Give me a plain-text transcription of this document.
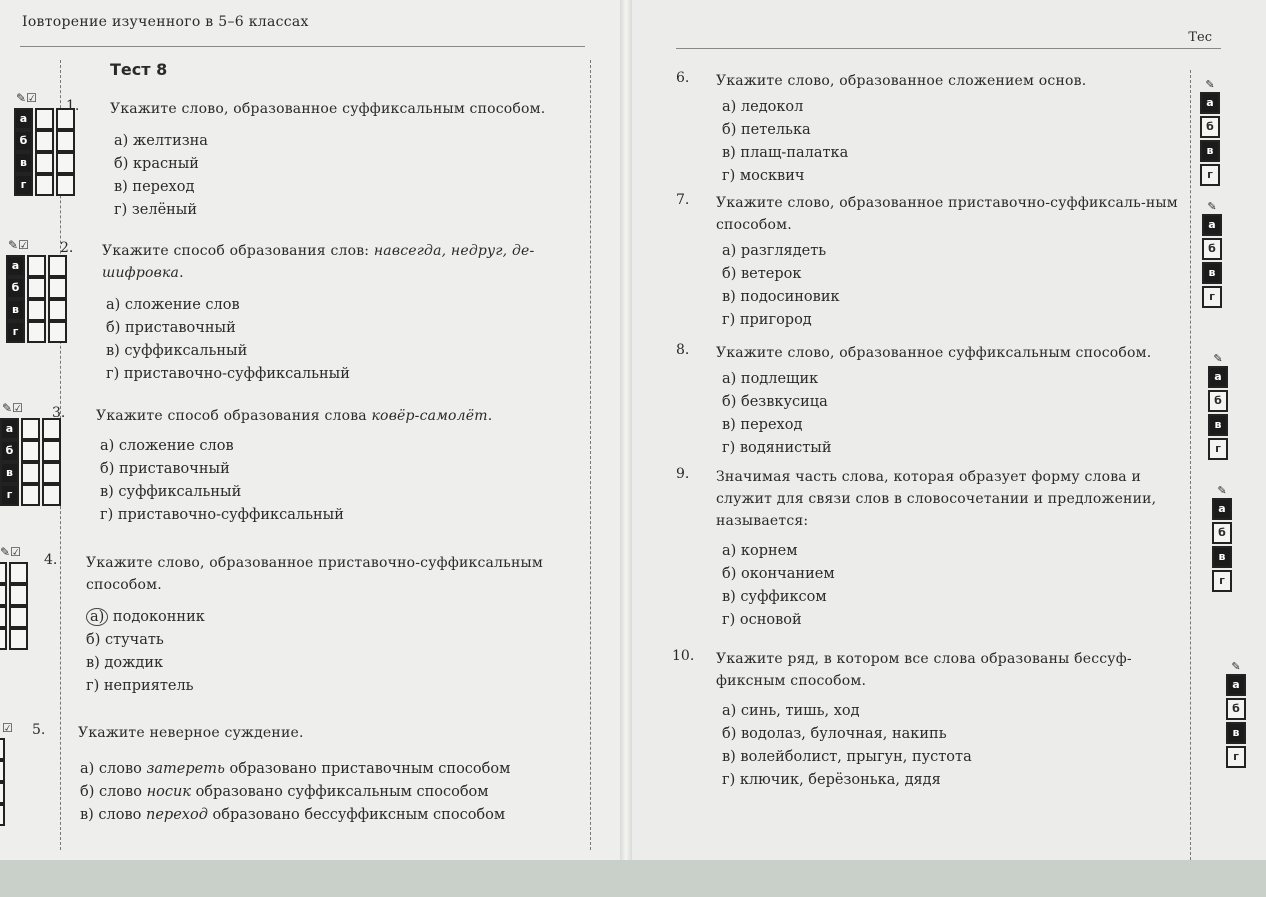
Ιовторение изученного в 5–6 классах
Тес
Тест 8
✎☑
а
б
в
г
✎☑
а
б
в
г
✎☑
а
б
в
г
✎☑
☑
1. Укажите слово, образованное суффиксальным способом.
а) желтизна
б) красный
в) переход
г) зелёный
2. Укажите способ образования слов: навсегда, недруг, де-шифровка.
а) сложение слов
б) приставочный
в) суффиксальный
г) приставочно-суффиксальный
3. Укажите способ образования слова ковёр-самолёт.
а) сложение слов
б) приставочный
в) суффиксальный
г) приставочно-суффиксальный
4. Укажите слово, образованное приставочно-суффиксальным способом.
а) подоконник
б) стучать
в) дождик
г) неприятель
5. Укажите неверное суждение.
а) слово затереть образовано приставочным способом
б) слово носик образовано суффиксальным способом
в) слово переход образовано бессуффиксным способом
6. Укажите слово, образованное сложением основ.
а) ледокол
б) петелька
в) плащ-палатка
г) москвич
7. Укажите слово, образованное приставочно-суффиксаль-ным способом.
а) разглядеть
б) ветерок
в) подосиновик
г) пригород
8. Укажите слово, образованное суффиксальным способом.
а) подлещик
б) безвкусица
в) переход
г) водянистый
9. Значимая часть слова, которая образует форму слова и служит для связи слов в словосочетании и предложении, называется:
а) корнем
б) окончанием
в) суффиксом
г) основой
10. Укажите ряд, в котором все слова образованы бессуф-фиксным способом.
а) синь, тишь, ход
б) водолаз, булочная, накипь
в) волейболист, прыгун, пустота
г) ключик, берёзонька, дядя
✎
а
б
в
г
✎
а
б
в
г
✎
а
б
в
г
✎
а
б
в
г
✎
а
б
в
г
